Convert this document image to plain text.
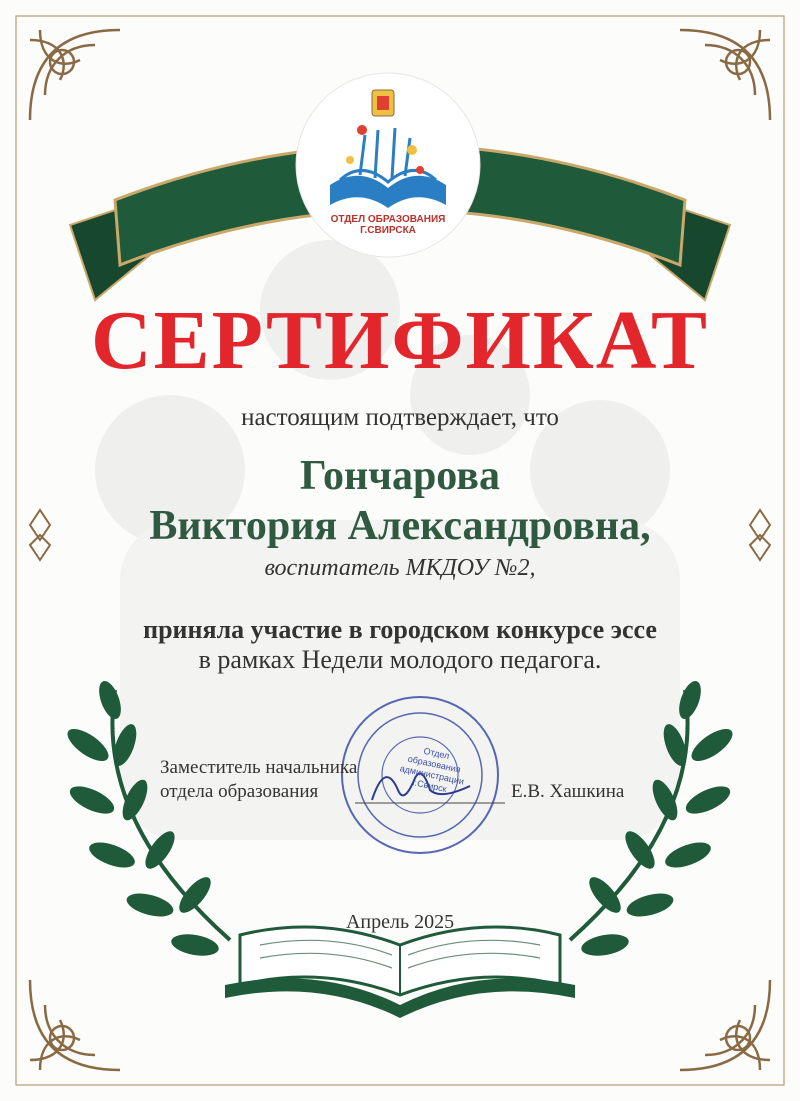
ОТДЕЛ ОБРАЗОВАНИЯ Г.СВИРСКА
Отдел образования администрации г.Свирск
СЕРТИФИКАТ
настоящим подтверждает, что
Гончарова
Виктория Александровна,
воспитатель МКДОУ №2,
приняла участие в городском конкурсе эссе
в рамках Недели молодого педагога.
Заместитель начальника
отдела образования	Е.В. Хашкина
Апрель 2025
